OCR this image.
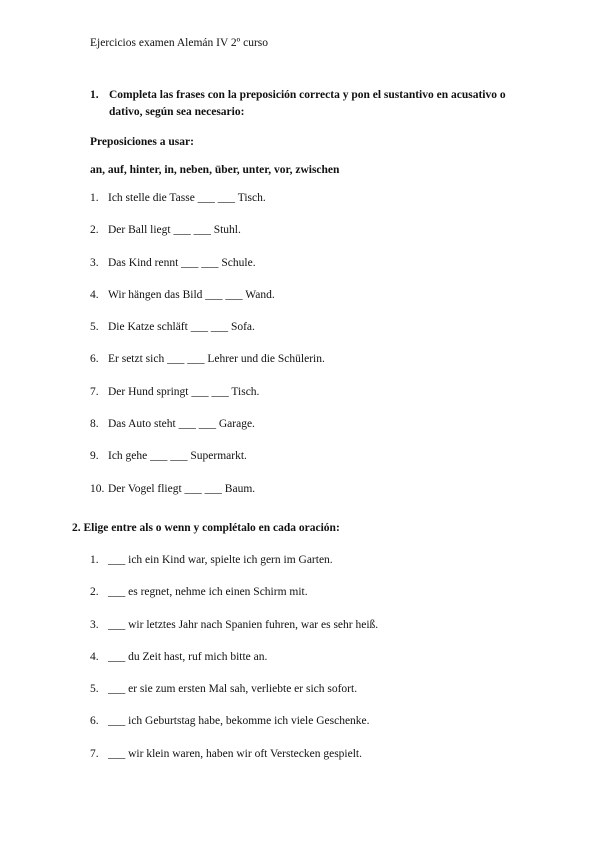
Ejercicios examen Alemán IV 2º curso
1. Completa las frases con la preposición correcta y pon el sustantivo en acusativo o dativo, según sea necesario:
Preposiciones a usar:
an, auf, hinter, in, neben, über, unter, vor, zwischen
1. Ich stelle die Tasse ___ ___ Tisch.
2. Der Ball liegt ___ ___ Stuhl.
3. Das Kind rennt ___ ___ Schule.
4. Wir hängen das Bild ___ ___ Wand.
5. Die Katze schläft ___ ___ Sofa.
6. Er setzt sich ___ ___ Lehrer und die Schülerin.
7. Der Hund springt ___ ___ Tisch.
8. Das Auto steht ___ ___ Garage.
9. Ich gehe ___ ___ Supermarkt.
10. Der Vogel fliegt ___ ___ Baum.
2. Elige entre als o wenn y complétalo en cada oración:
1. ___ ich ein Kind war, spielte ich gern im Garten.
2. ___ es regnet, nehme ich einen Schirm mit.
3. ___ wir letztes Jahr nach Spanien fuhren, war es sehr heiß.
4. ___ du Zeit hast, ruf mich bitte an.
5. ___ er sie zum ersten Mal sah, verliebte er sich sofort.
6. ___ ich Geburtstag habe, bekomme ich viele Geschenke.
7. ___ wir klein waren, haben wir oft Verstecken gespielt.
